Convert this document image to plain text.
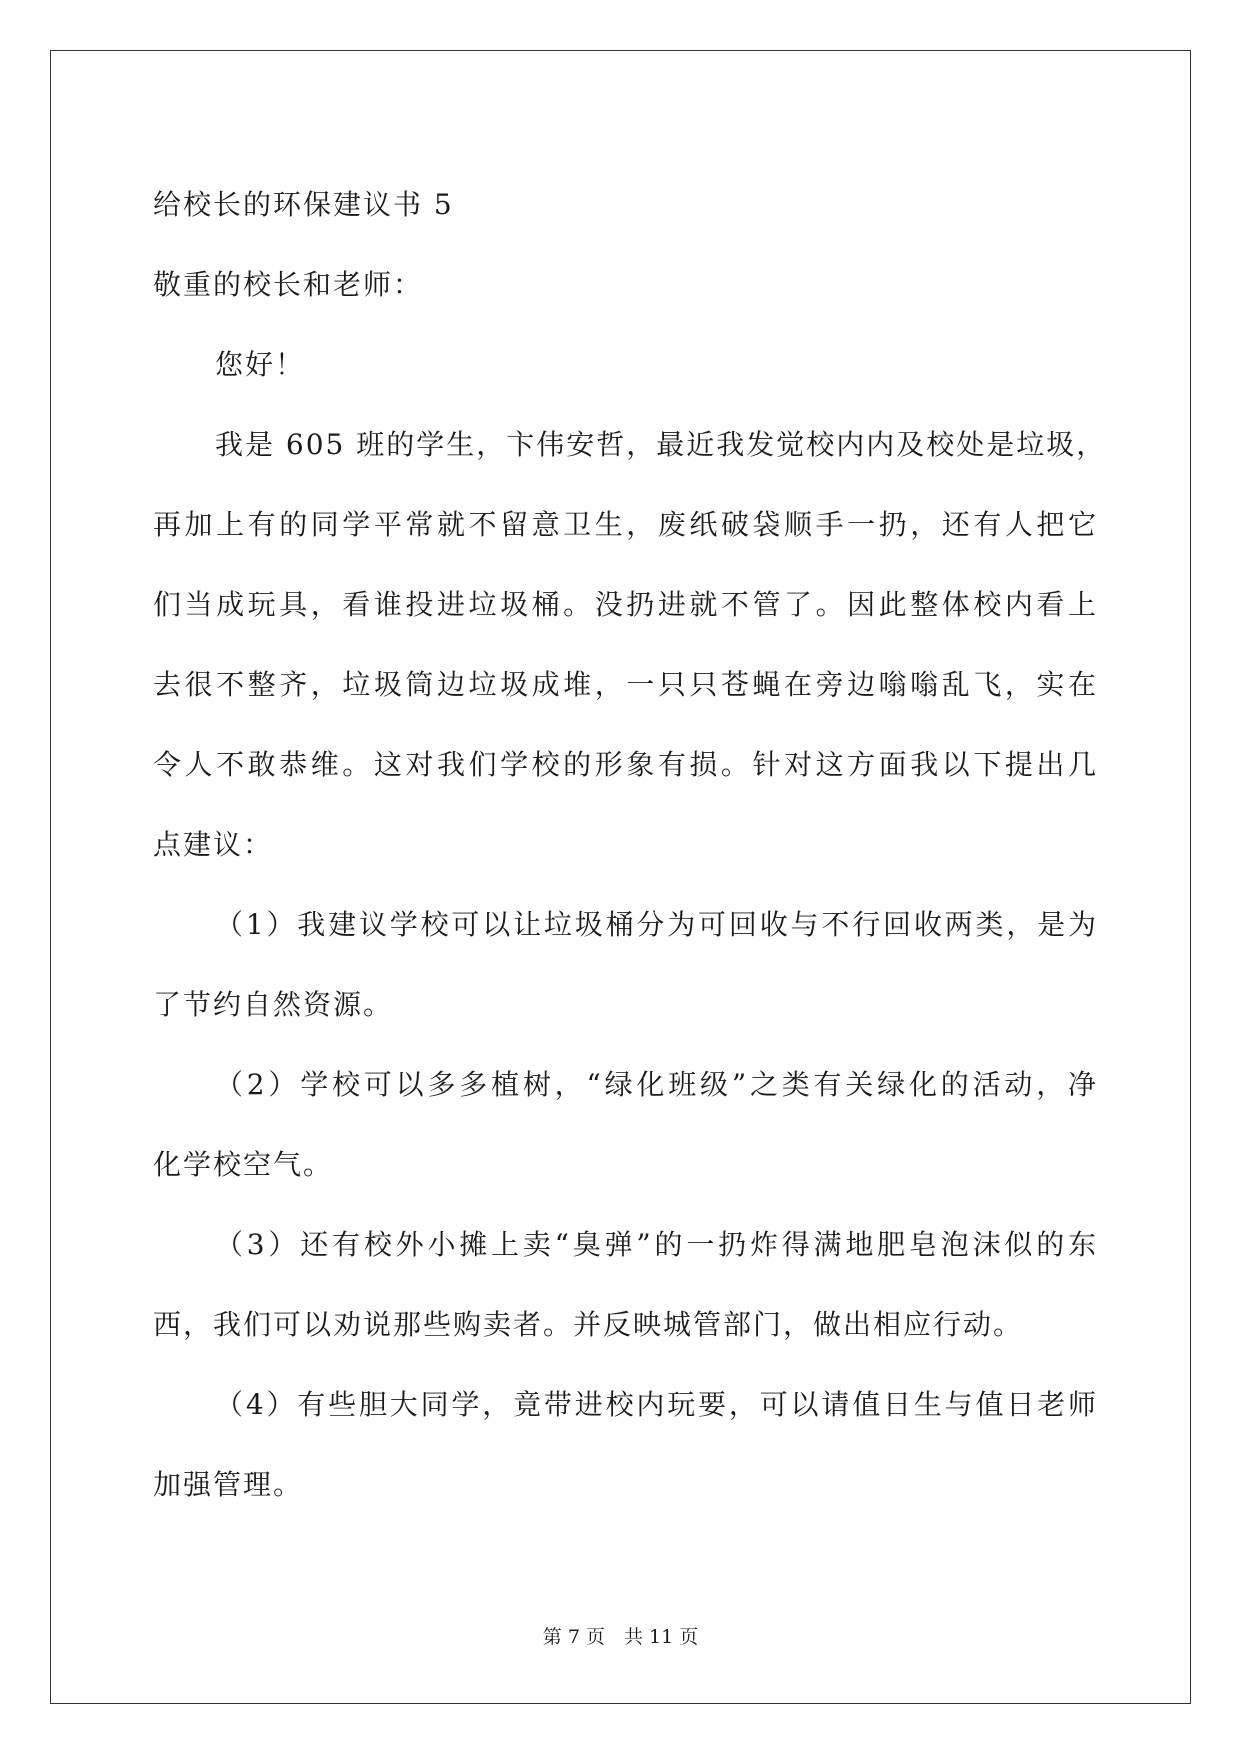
给校长的环保建议书 5
敬重的校长和老师：
您好！
我是 605 班的学生，卞伟安哲，最近我发觉校内内及校处是垃圾，
再加上有的同学平常就不留意卫生，废纸破袋顺手一扔，还有人把它
们当成玩具，看谁投进垃圾桶。没扔进就不管了。因此整体校内看上
去很不整齐，垃圾筒边垃圾成堆，一只只苍蝇在旁边嗡嗡乱飞，实在
令人不敢恭维。这对我们学校的形象有损。针对这方面我以下提出几
点建议：
（1）我建议学校可以让垃圾桶分为可回收与不行回收两类，是为
了节约自然资源。
（2）学校可以多多植树，“绿化班级”之类有关绿化的活动，净
化学校空气。
（3）还有校外小摊上卖“臭弹”的一扔炸得满地肥皂泡沫似的东
西，我们可以劝说那些购卖者。并反映城管部门，做出相应行动。
（4）有些胆大同学，竟带进校内玩要，可以请值日生与值日老师
加强管理。
第 7 页　共 11 页
